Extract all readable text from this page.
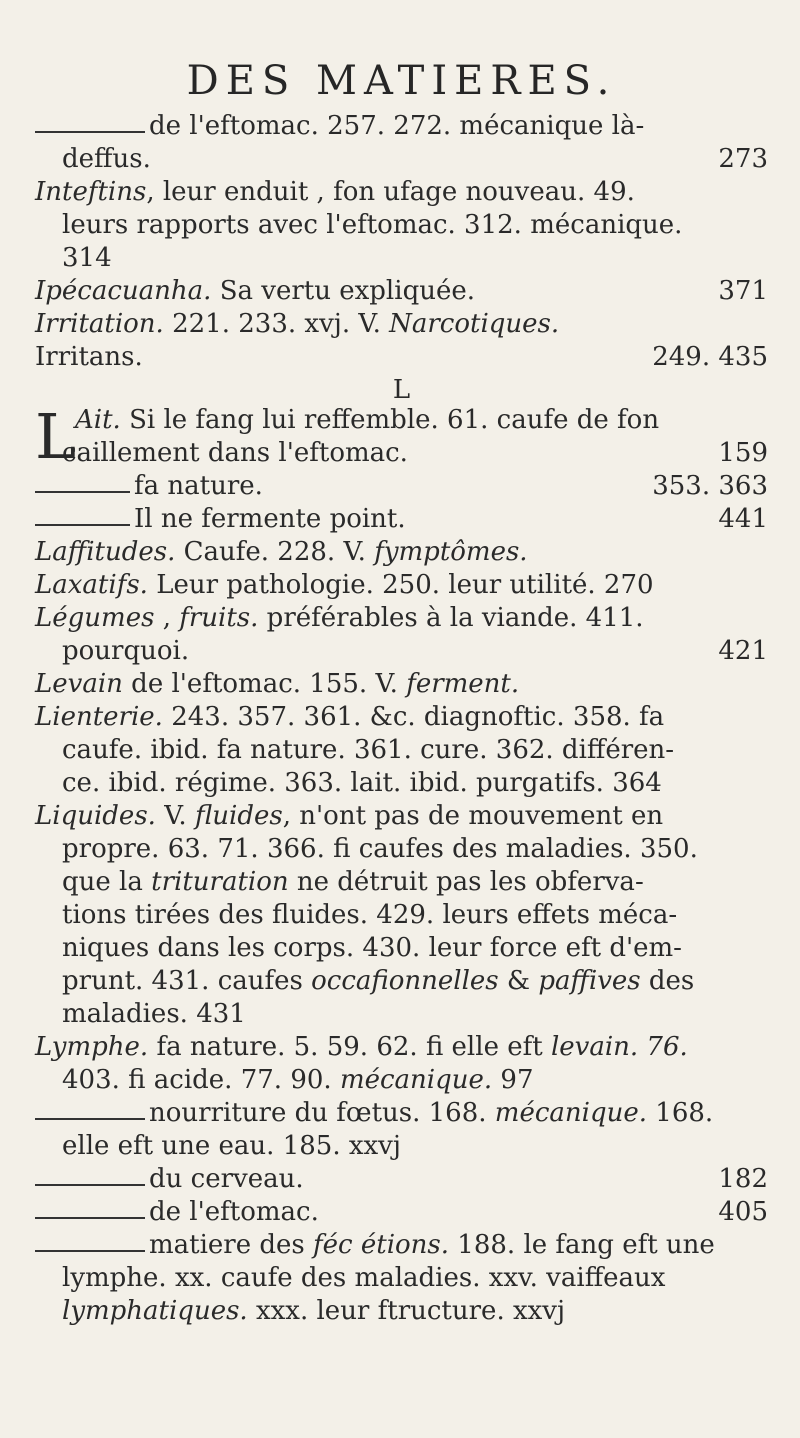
DES MATIERES.
de l'eftomac. 257. 272. mécanique là-
deffus.	273
Inteftins, leur enduit , fon ufage nouveau. 49.
leurs rapports avec l'eftomac. 312. mécanique.
314
Ipécacuanha. Sa vertu expliquée.	371
Irritation. 221. 233. xvj. V. Narcotiques.
Irritans.	249. 435
L
L
Ait. Si le fang lui reffemble. 61. caufe de fon
caillement dans l'eftomac.	159
fa nature.	353. 363
Il ne fermente point.	441
Laffitudes. Caufe. 228. V. fymptômes.
Laxatifs. Leur pathologie. 250. leur utilité. 270
Légumes , fruits. préférables à la viande. 411.
pourquoi.	421
Levain de l'eftomac. 155. V. ferment.
Lienterie. 243. 357. 361. &c. diagnoftic. 358. fa
caufe. ibid. fa nature. 361. cure. 362. différen-
ce. ibid. régime. 363. lait. ibid. purgatifs. 364
Liquides. V. fluides, n'ont pas de mouvement en
propre. 63. 71. 366. fi caufes des maladies. 350.
que la trituration ne détruit pas les obferva-
tions tirées des fluides. 429. leurs effets méca-
niques dans les corps. 430. leur force eft d'em-
prunt. 431. caufes occafionnelles & paffives des
maladies. 431
Lymphe. fa nature. 5. 59. 62. fi elle eft levain. 76.
403. fi acide. 77. 90. mécanique. 97
nourriture du fœtus. 168. mécanique. 168.
elle eft une eau. 185. xxvj
du cerveau.	182
de l'eftomac.	405
matiere des féc étions. 188. le fang eft une
lymphe. xx. caufe des maladies. xxv. vaiffeaux
lymphatiques. xxx. leur ftructure. xxvj
